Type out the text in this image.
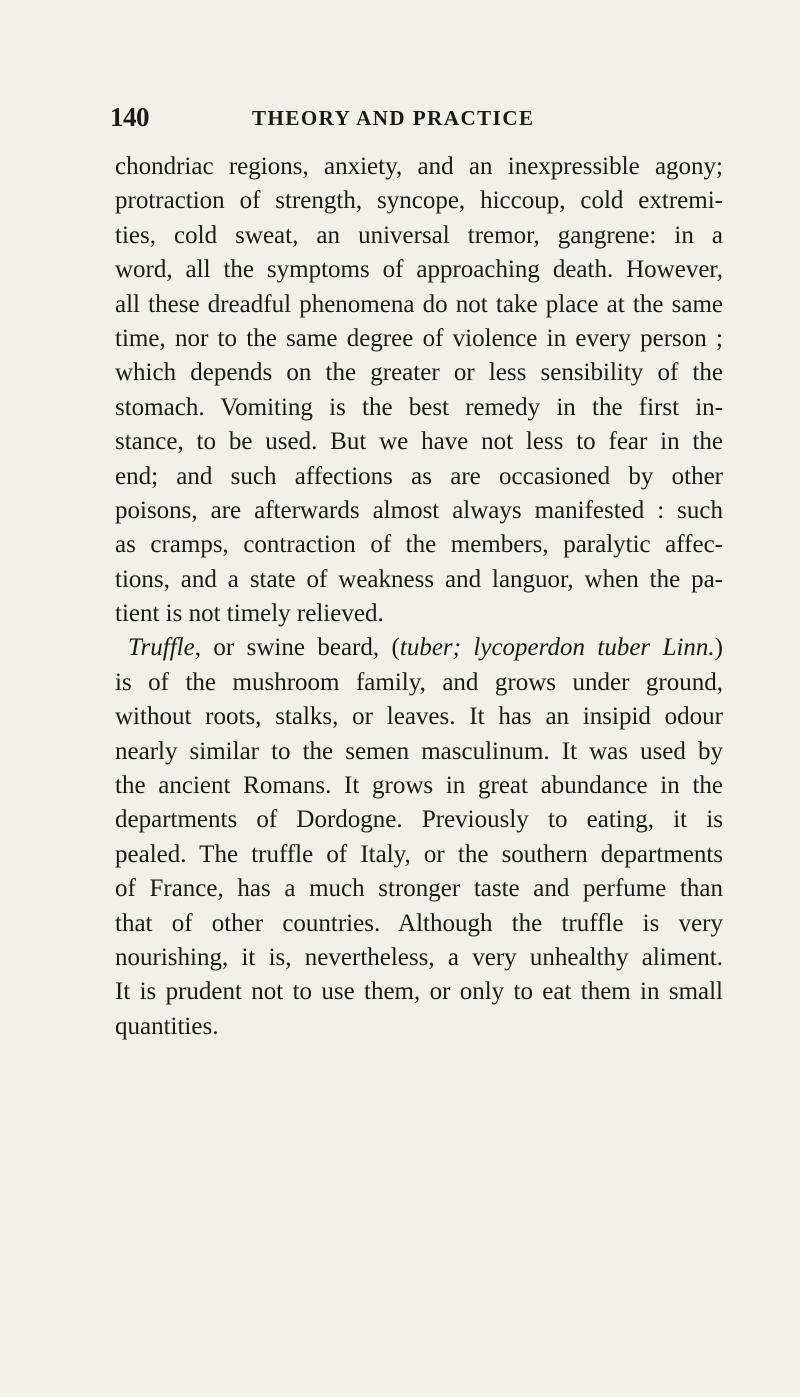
140	THEORY AND PRACTICE
chondriac regions, anxiety, and an inexpressible agony;
protraction of strength, syncope, hiccoup, cold extremi-
ties, cold sweat, an universal tremor, gangrene: in a
word, all the symptoms of approaching death. However,
all these dreadful phenomena do not take place at the same
time, nor to the same degree of violence in every person ;
which depends on the greater or less sensibility of the
stomach. Vomiting is the best remedy in the first in-
stance, to be used. But we have not less to fear in the
end; and such affections as are occasioned by other
poisons, are afterwards almost always manifested : such
as cramps, contraction of the members, paralytic affec-
tions, and a state of weakness and languor, when the pa-
tient is not timely relieved.
Truffle, or swine beard, (tuber; lycoperdon tuber Linn.)
is of the mushroom family, and grows under ground,
without roots, stalks, or leaves. It has an insipid odour
nearly similar to the semen masculinum. It was used by
the ancient Romans. It grows in great abundance in the
departments of Dordogne. Previously to eating, it is
pealed. The truffle of Italy, or the southern departments
of France, has a much stronger taste and perfume than
that of other countries. Although the truffle is very
nourishing, it is, nevertheless, a very unhealthy aliment.
It is prudent not to use them, or only to eat them in small
quantities.
